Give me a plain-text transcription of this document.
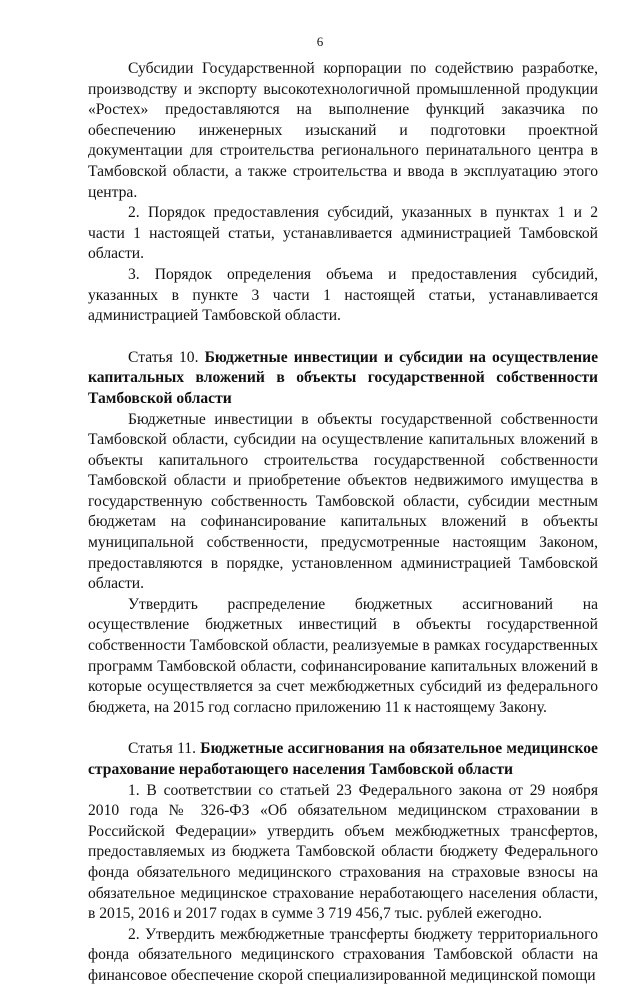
6

Субсидии Государственной корпорации по содействию разработке, производству и экспорту высокотехнологичной промышленной продукции «Ростех» предоставляются на выполнение функций заказчика по обеспечению инженерных изысканий и подготовки проектной документации для строительства регионального перинатального центра в Тамбовской области, а также строительства и ввода в эксплуатацию этого центра.

2. Порядок предоставления субсидий, указанных в пунктах 1 и 2 части 1 настоящей статьи, устанавливается администрацией Тамбовской области.

3. Порядок определения объема и предоставления субсидий, указанных в пункте 3 части 1 настоящей статьи, устанавливается администрацией Тамбовской области.

Статья 10. Бюджетные инвестиции и субсидии на осуществление капитальных вложений в объекты государственной собственности Тамбовской области

Бюджетные инвестиции в объекты государственной собственности Тамбовской области, субсидии на осуществление капитальных вложений в объекты капитального строительства государственной собственности Тамбовской области и приобретение объектов недвижимого имущества в государственную собственность Тамбовской области, субсидии местным бюджетам на софинансирование капитальных вложений в объекты муниципальной собственности, предусмотренные настоящим Законом, предоставляются в порядке, установленном администрацией Тамбовской области.

Утвердить распределение бюджетных ассигнований на осуществление бюджетных инвестиций в объекты государственной собственности Тамбовской области, реализуемые в рамках государственных программ Тамбовской области, софинансирование капитальных вложений в которые осуществляется за счет межбюджетных субсидий из федерального бюджета, на 2015 год согласно приложению 11 к настоящему Закону.

Статья 11. Бюджетные ассигнования на обязательное медицинское страхование неработающего населения Тамбовской области

1. В соответствии со статьей 23 Федерального закона от 29 ноября 2010 года № 326-ФЗ «Об обязательном медицинском страховании в Российской Федерации» утвердить объем межбюджетных трансфертов, предоставляемых из бюджета Тамбовской области бюджету Федерального фонда обязательного медицинского страхования на страховые взносы на обязательное медицинское страхование неработающего населения области, в 2015, 2016 и 2017 годах в сумме 3 719 456,7 тыс. рублей ежегодно.

2. Утвердить межбюджетные трансферты бюджету территориального фонда обязательного медицинского страхования Тамбовской области на финансовое обеспечение скорой специализированной медицинской помощи
